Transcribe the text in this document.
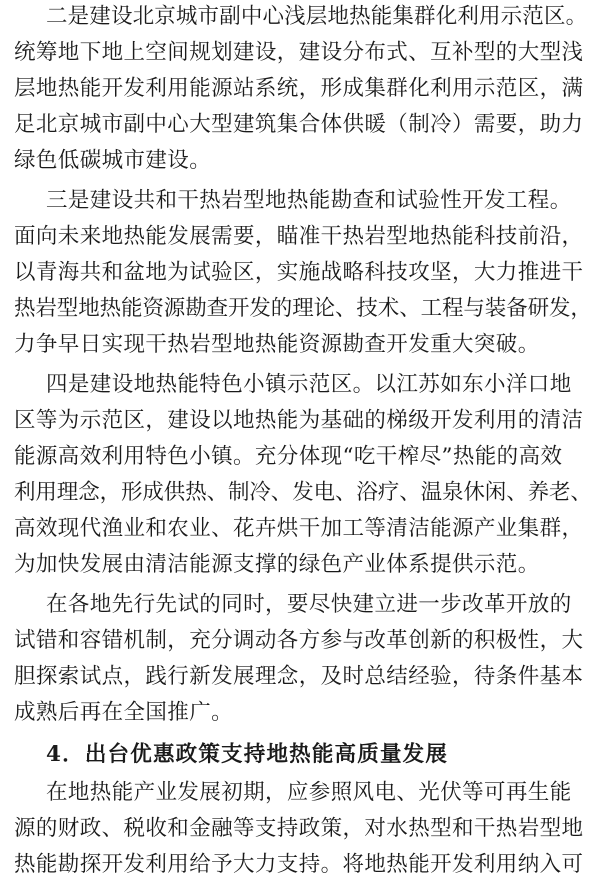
二是建设北京城市副中心浅层地热能集群化利用示范区。
统筹地下地上空间规划建设，建设分布式、互补型的大型浅
层地热能开发利用能源站系统，形成集群化利用示范区，满
足北京城市副中心大型建筑集合体供暖（制冷）需要，助力
绿色低碳城市建设。
三是建设共和干热岩型地热能勘查和试验性开发工程。
面向未来地热能发展需要，瞄准干热岩型地热能科技前沿，
以青海共和盆地为试验区，实施战略科技攻坚，大力推进干
热岩型地热能资源勘查开发的理论、技术、工程与装备研发，
力争早日实现干热岩型地热能资源勘查开发重大突破。
四是建设地热能特色小镇示范区。以江苏如东小洋口地
区等为示范区，建设以地热能为基础的梯级开发利用的清洁
能源高效利用特色小镇。充分体现“吃干榨尽”热能的高效
利用理念，形成供热、制冷、发电、浴疗、温泉休闲、养老、
高效现代渔业和农业、花卉烘干加工等清洁能源产业集群，
为加快发展由清洁能源支撑的绿色产业体系提供示范。
在各地先行先试的同时，要尽快建立进一步改革开放的
试错和容错机制，充分调动各方参与改革创新的积极性，大
胆探索试点，践行新发展理念，及时总结经验，待条件基本
成熟后再在全国推广。
4．出台优惠政策支持地热能高质量发展
在地热能产业发展初期，应参照风电、光伏等可再生能
源的财政、税收和金融等支持政策，对水热型和干热岩型地
热能勘探开发利用给予大力支持。将地热能开发利用纳入可
